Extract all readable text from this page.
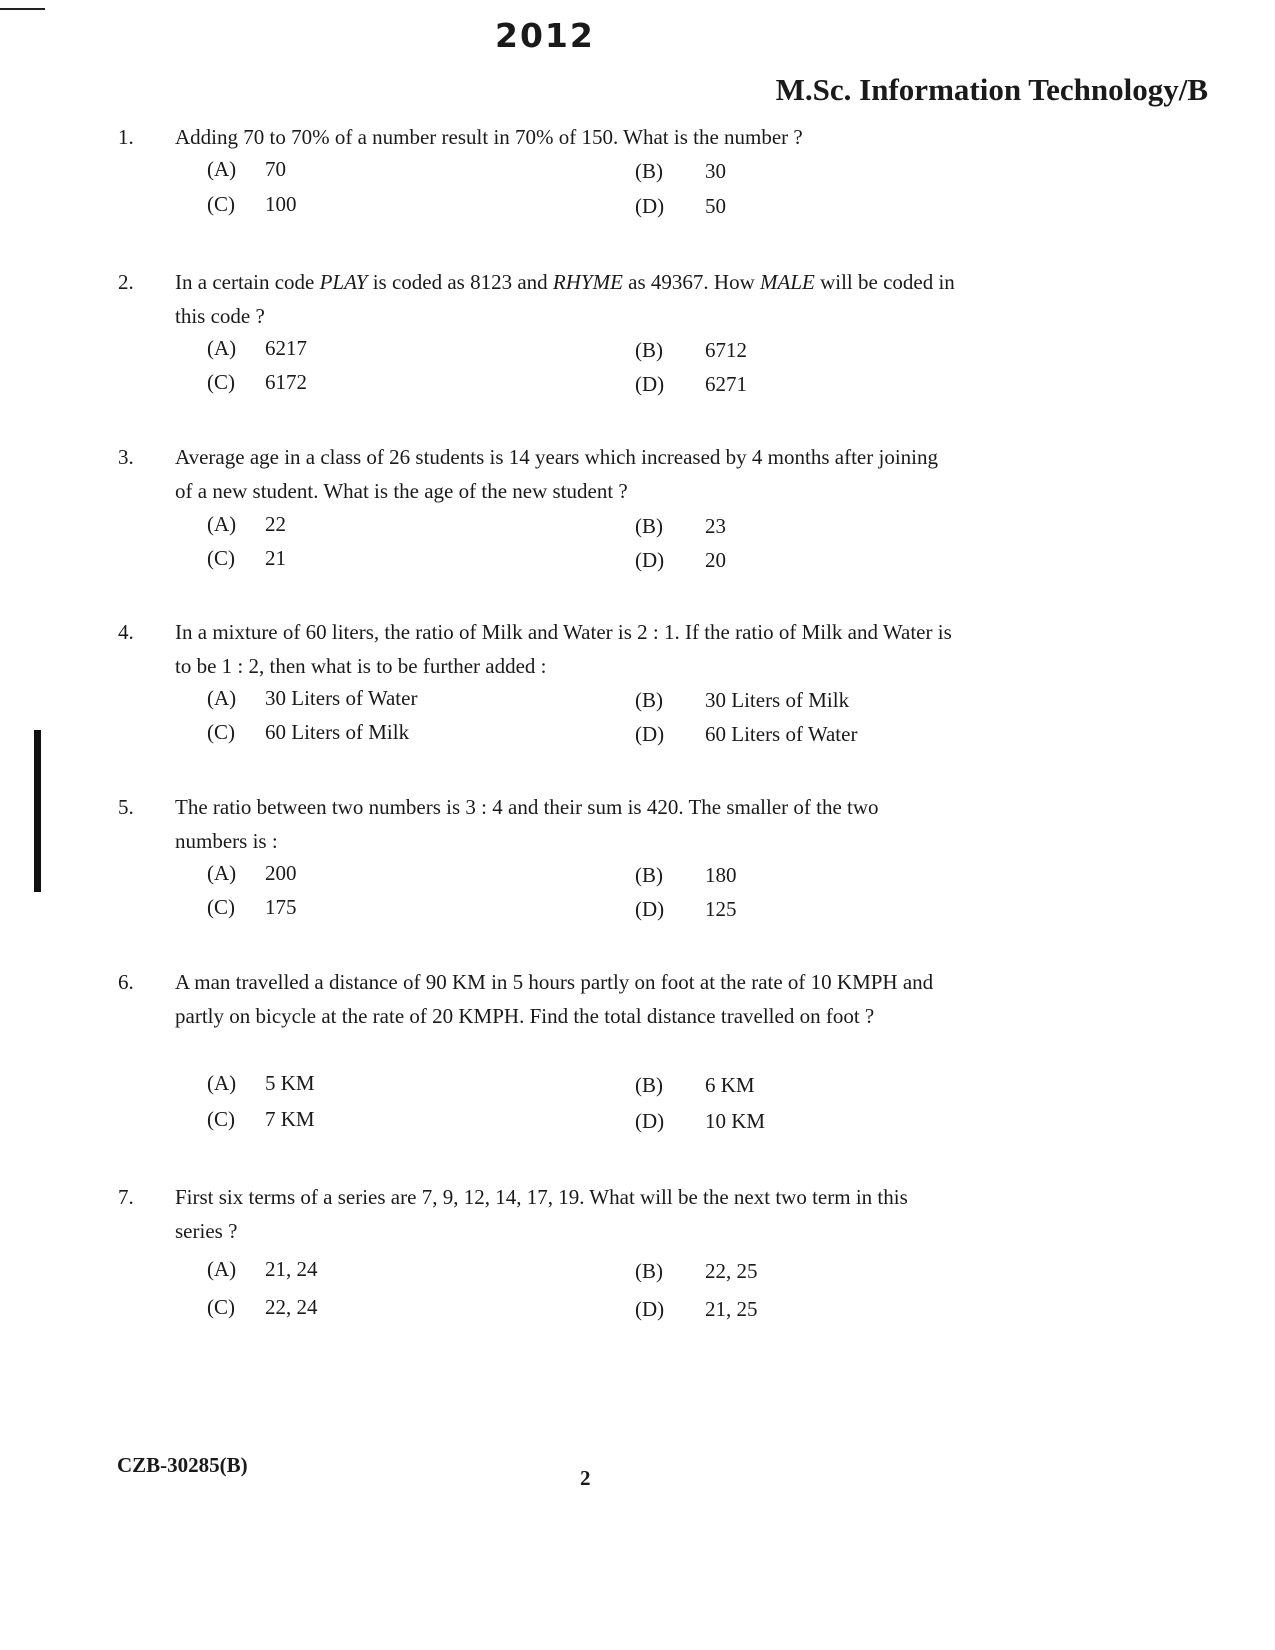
2012
M.Sc. Information Technology/B
1. Adding 70 to 70% of a number result in 70% of 150. What is the number ?
(A) 70	(B) 30
(C) 100	(D) 50
2. In a certain code PLAY is coded as 8123 and RHYME as 49367. How MALE will be coded in this code ?
(A) 6217	(B) 6712
(C) 6172	(D) 6271
3. Average age in a class of 26 students is 14 years which increased by 4 months after joining of a new student. What is the age of the new student ?
(A) 22	(B) 23
(C) 21	(D) 20
4. In a mixture of 60 liters, the ratio of Milk and Water is 2 : 1. If the ratio of Milk and Water is to be 1 : 2, then what is to be further added :
(A) 30 Liters of Water	(B) 30 Liters of Milk
(C) 60 Liters of Milk	(D) 60 Liters of Water
5. The ratio between two numbers is 3 : 4 and their sum is 420. The smaller of the two numbers is :
(A) 200	(B) 180
(C) 175	(D) 125
6. A man travelled a distance of 90 KM in 5 hours partly on foot at the rate of 10 KMPH and partly on bicycle at the rate of 20 KMPH. Find the total distance travelled on foot ?
(A) 5 KM	(B) 6 KM
(C) 7 KM	(D) 10 KM
7. First six terms of a series are 7, 9, 12, 14, 17, 19. What will be the next two term in this series ?
(A) 21, 24	(B) 22, 25
(C) 22, 24	(D) 21, 25
CZB-30285(B)
2
